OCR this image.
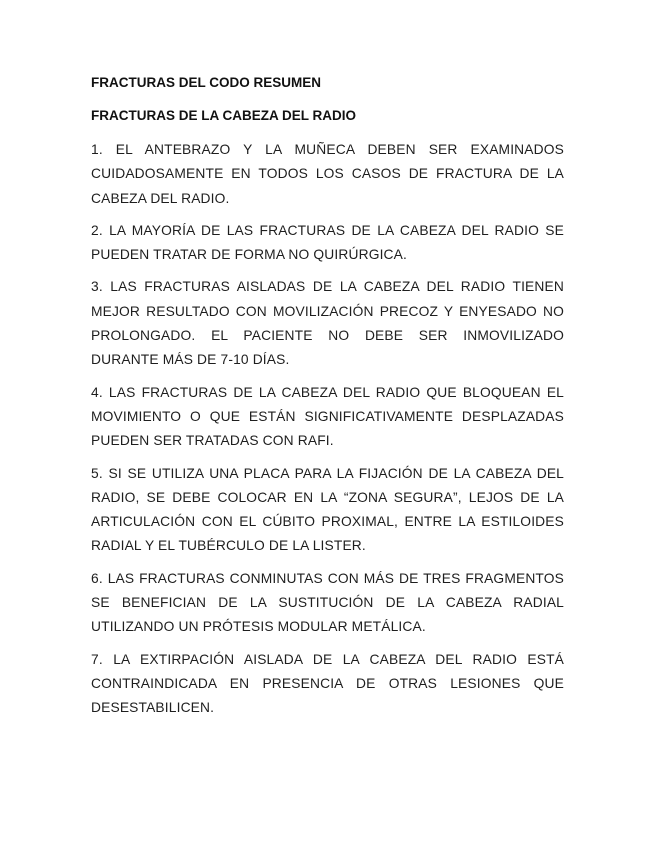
FRACTURAS DEL CODO RESUMEN
FRACTURAS DE LA CABEZA DEL RADIO

1. EL ANTEBRAZO Y LA MUÑECA DEBEN SER EXAMINADOS CUIDADOSAMENTE EN TODOS LOS CASOS DE FRACTURA DE LA CABEZA DEL RADIO.

2. LA MAYORÍA DE LAS FRACTURAS DE LA CABEZA DEL RADIO SE PUEDEN TRATAR DE FORMA NO QUIRÚRGICA.

3. LAS FRACTURAS AISLADAS DE LA CABEZA DEL RADIO TIENEN MEJOR RESULTADO CON MOVILIZACIÓN PRECOZ Y ENYESADO NO PROLONGADO. EL PACIENTE NO DEBE SER INMOVILIZADO DURANTE MÁS DE 7-10 DÍAS.

4. LAS FRACTURAS DE LA CABEZA DEL RADIO QUE BLOQUEAN EL MOVIMIENTO O QUE ESTÁN SIGNIFICATIVAMENTE DESPLAZADAS PUEDEN SER TRATADAS CON RAFI.

5. SI SE UTILIZA UNA PLACA PARA LA FIJACIÓN DE LA CABEZA DEL RADIO, SE DEBE COLOCAR EN LA “ZONA SEGURA”, LEJOS DE LA ARTICULACIÓN CON EL CÚBITO PROXIMAL, ENTRE LA ESTILOIDES RADIAL Y EL TUBÉRCULO DE LA LISTER.

6. LAS FRACTURAS CONMINUTAS CON MÁS DE TRES FRAGMENTOS SE BENEFICIAN DE LA SUSTITUCIÓN DE LA CABEZA RADIAL UTILIZANDO UN PRÓTESIS MODULAR METÁLICA.

7. LA EXTIRPACIÓN AISLADA DE LA CABEZA DEL RADIO ESTÁ CONTRAINDICADA EN PRESENCIA DE OTRAS LESIONES QUE DESESTABILICEN.
